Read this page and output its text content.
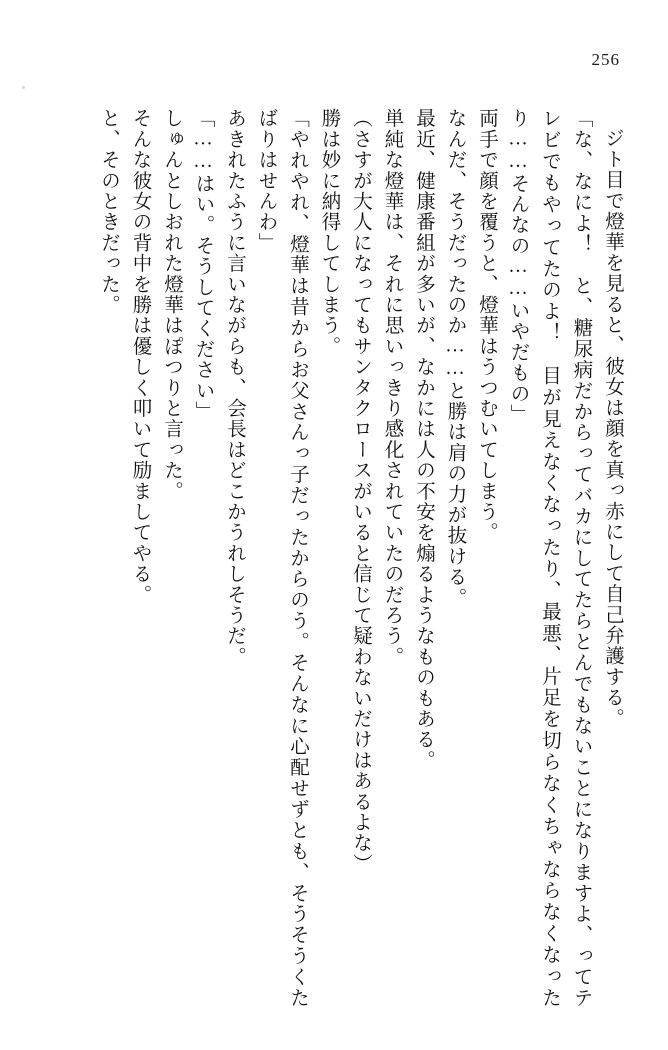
256

ジト目で燈華を見ると、彼女は顔を真っ赤にして自己弁護する。

「な、なによ！　と、糖尿病だからってバカにしてたらとんでもないことになりますよ、ってテレビでもやってたのよ！　目が見えなくなったり、最悪、片足を切らなくちゃならなくなったり……そんなの……いやだもの」

両手で顔を覆うと、燈華はうつむいてしまう。

なんだ、そうだったのか……と勝は肩の力が抜ける。

最近、健康番組が多いが、なかには人の不安を煽るようなものもある。

単純な燈華は、それに思いっきり感化されていたのだろう。

（さすが大人になってもサンタクロースがいると信じて疑わないだけはあるよな）

勝は妙に納得してしまう。

「やれやれ、燈華は昔からお父さんっ子だったからのう。そんなに心配せずとも、そうそうくたばりはせんわ」

あきれたふうに言いながらも、会長はどこかうれしそうだ。

「……はい。そうしてください」

しゅんとしおれた燈華はぽつりと言った。

そんな彼女の背中を勝は優しく叩いて励ましてやる。

と、そのときだった。
